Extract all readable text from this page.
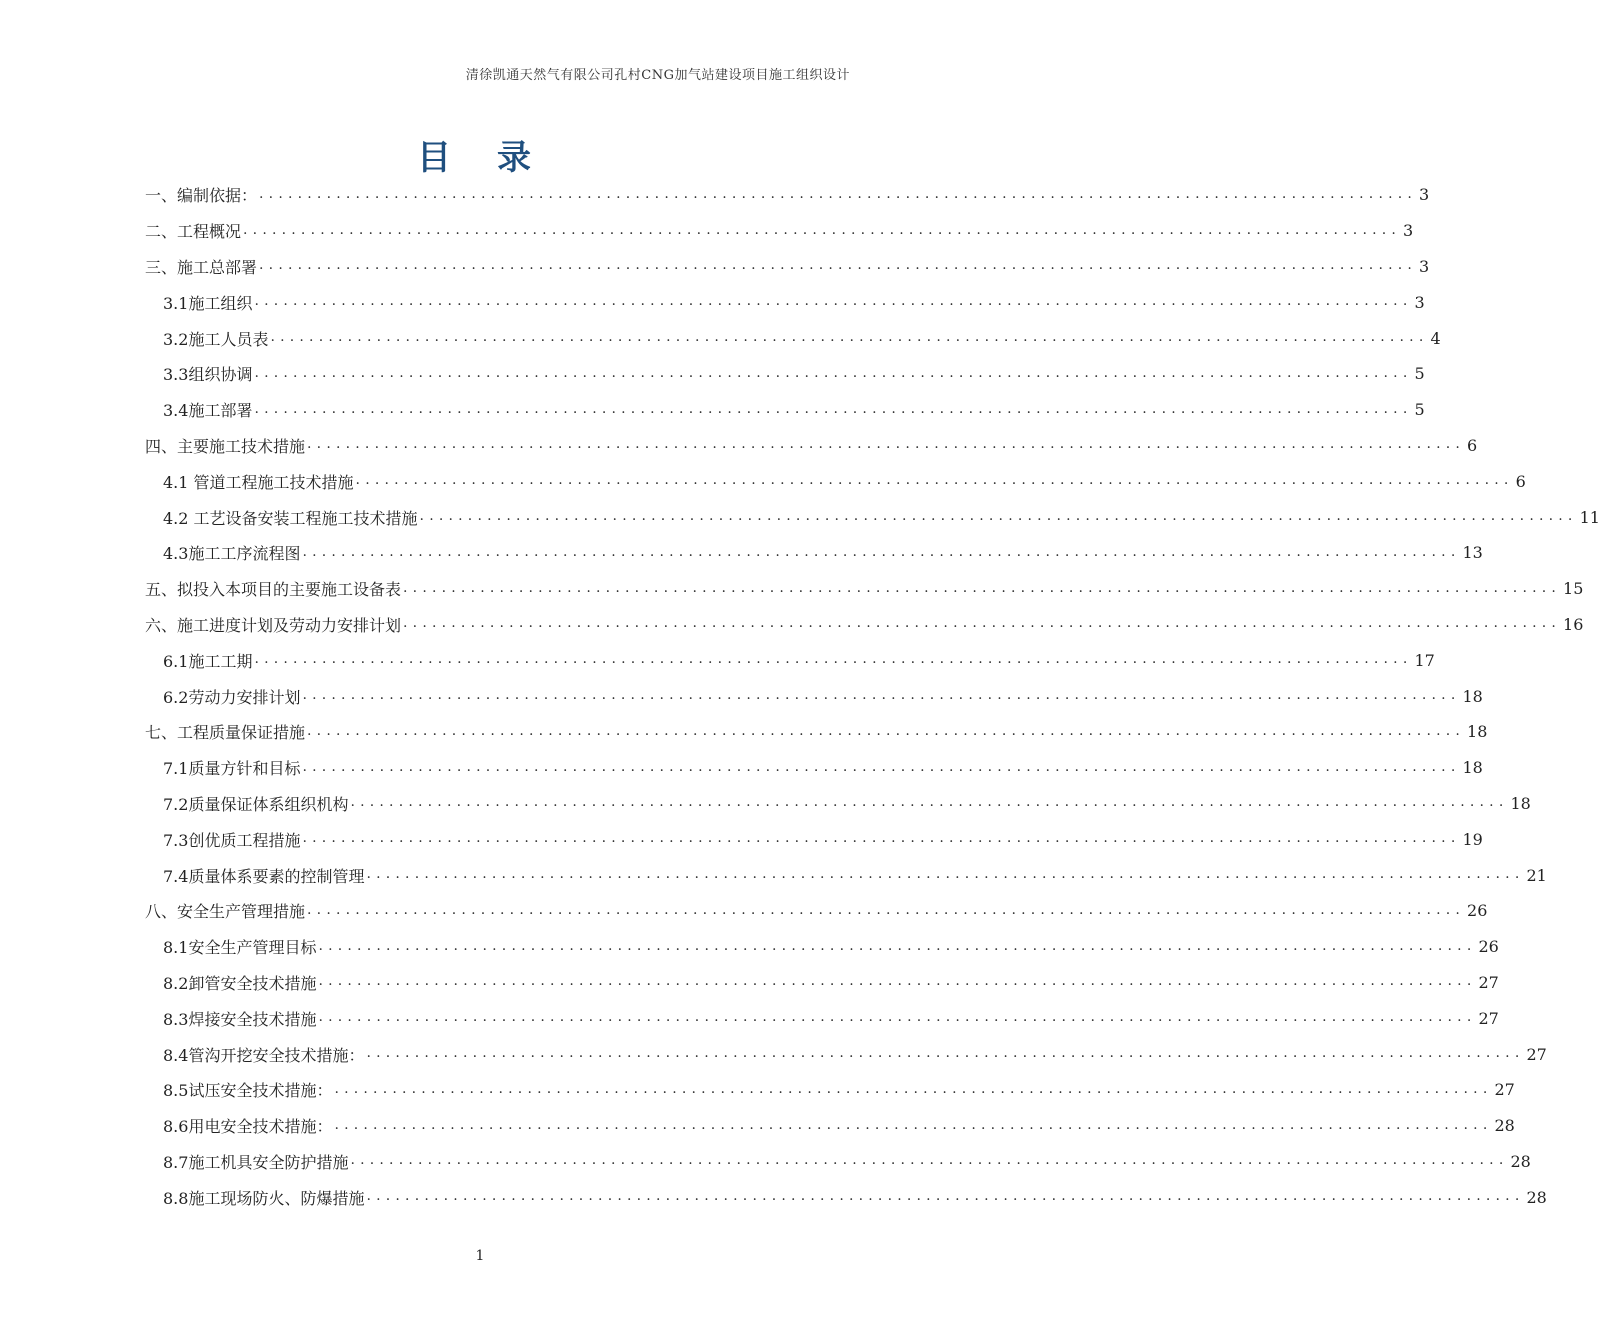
清徐凯通天然气有限公司孔村CNG加气站建设项目施工组织设计
目 录
一、编制依据： ........................................................................................................................ 3
二、工程概况 ........................................................................................................................ 3
三、施工总部署 ........................................................................................................................ 3
3.1施工组织 ........................................................................................................................ 3
3.2施工人员表 ........................................................................................................................ 4
3.3组织协调 ........................................................................................................................ 5
3.4施工部署 ........................................................................................................................ 5
四、主要施工技术措施 ........................................................................................................................ 6
4.1 管道工程施工技术措施 ........................................................................................................................ 6
4.2 工艺设备安装工程施工技术措施 ........................................................................................................................ 11
4.3施工工序流程图 ........................................................................................................................ 13
五、拟投入本项目的主要施工设备表 ........................................................................................................................ 15
六、施工进度计划及劳动力安排计划 ........................................................................................................................ 16
6.1施工工期 ........................................................................................................................ 17
6.2劳动力安排计划 ........................................................................................................................ 18
七、工程质量保证措施 ........................................................................................................................ 18
7.1质量方针和目标 ........................................................................................................................ 18
7.2质量保证体系组织机构 ........................................................................................................................ 18
7.3创优质工程措施 ........................................................................................................................ 19
7.4质量体系要素的控制管理 ........................................................................................................................ 21
八、安全生产管理措施 ........................................................................................................................ 26
8.1安全生产管理目标 ........................................................................................................................ 26
8.2卸管安全技术措施 ........................................................................................................................ 27
8.3焊接安全技术措施 ........................................................................................................................ 27
8.4管沟开挖安全技术措施： ........................................................................................................................ 27
8.5试压安全技术措施： ........................................................................................................................ 27
8.6用电安全技术措施： ........................................................................................................................ 28
8.7施工机具安全防护措施 ........................................................................................................................ 28
8.8施工现场防火、防爆措施 ........................................................................................................................ 28
1
